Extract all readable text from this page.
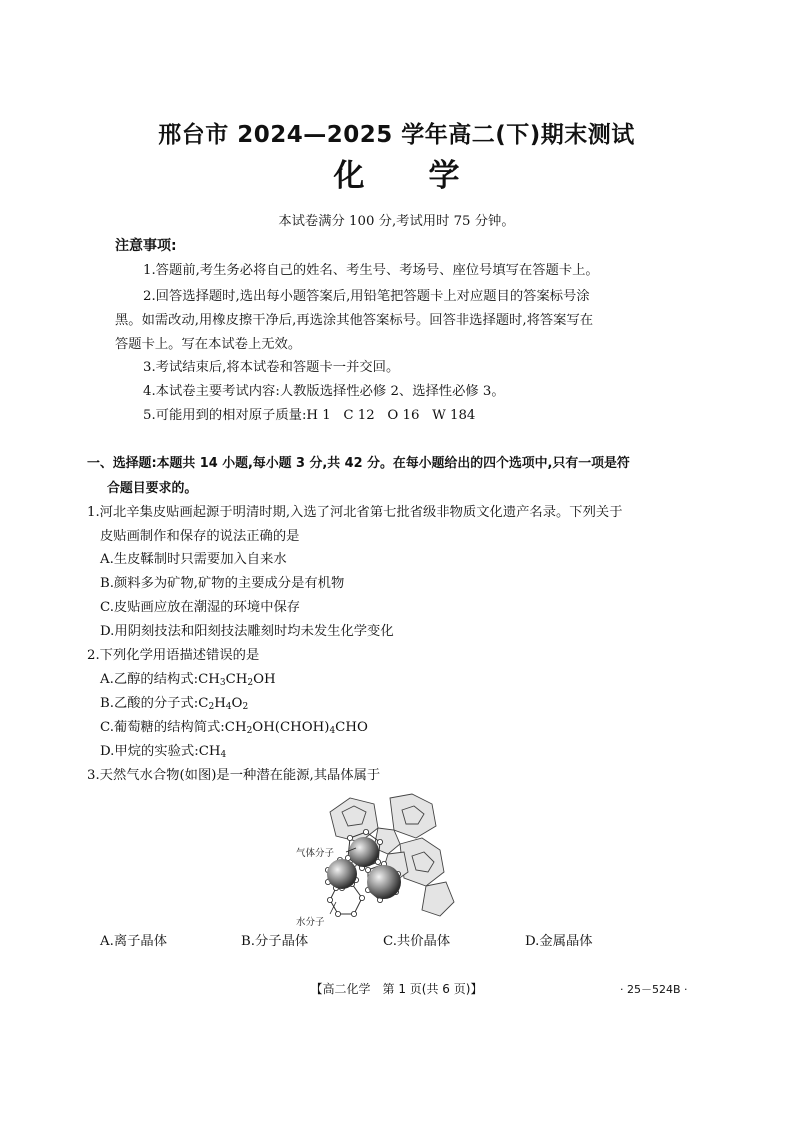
邢台市 2024—2025 学年高二(下)期末测试
化学
本试卷满分 100 分,考试用时 75 分钟。
注意事项:
1.答题前,考生务必将自己的姓名、考生号、考场号、座位号填写在答题卡上。
2.回答选择题时,选出每小题答案后,用铅笔把答题卡上对应题目的答案标号涂
黑。如需改动,用橡皮擦干净后,再选涂其他答案标号。回答非选择题时,将答案写在
答题卡上。写在本试卷上无效。
3.考试结束后,将本试卷和答题卡一并交回。
4.本试卷主要考试内容:人教版选择性必修 2、选择性必修 3。
5.可能用到的相对原子质量:H 1   C 12   O 16   W 184
一、选择题:本题共 14 小题,每小题 3 分,共 42 分。在每小题给出的四个选项中,只有一项是符
合题目要求的。
1.河北辛集皮贴画起源于明清时期,入选了河北省第七批省级非物质文化遗产名录。下列关于
皮贴画制作和保存的说法正确的是
A.生皮鞣制时只需要加入自来水
B.颜料多为矿物,矿物的主要成分是有机物
C.皮贴画应放在潮湿的环境中保存
D.用阴刻技法和阳刻技法雕刻时均未发生化学变化
2.下列化学用语描述错误的是
A.乙醇的结构式$:CH_3CH_2OH$
B.乙酸的分子式$:C_2H_4O_2$
C.葡萄糖的结构简式$:CH_2OH(CHOH)_4CHO$
D.甲烷的实验式$:CH_4$
3.天然气水合物(如图)是一种潜在能源,其晶体属于
气体分子
水分子
A.离子晶体	B.分子晶体	C.共价晶体	D.金属晶体
【高二化学　第 1 页(共 6 页)】	· 25－524B ·
